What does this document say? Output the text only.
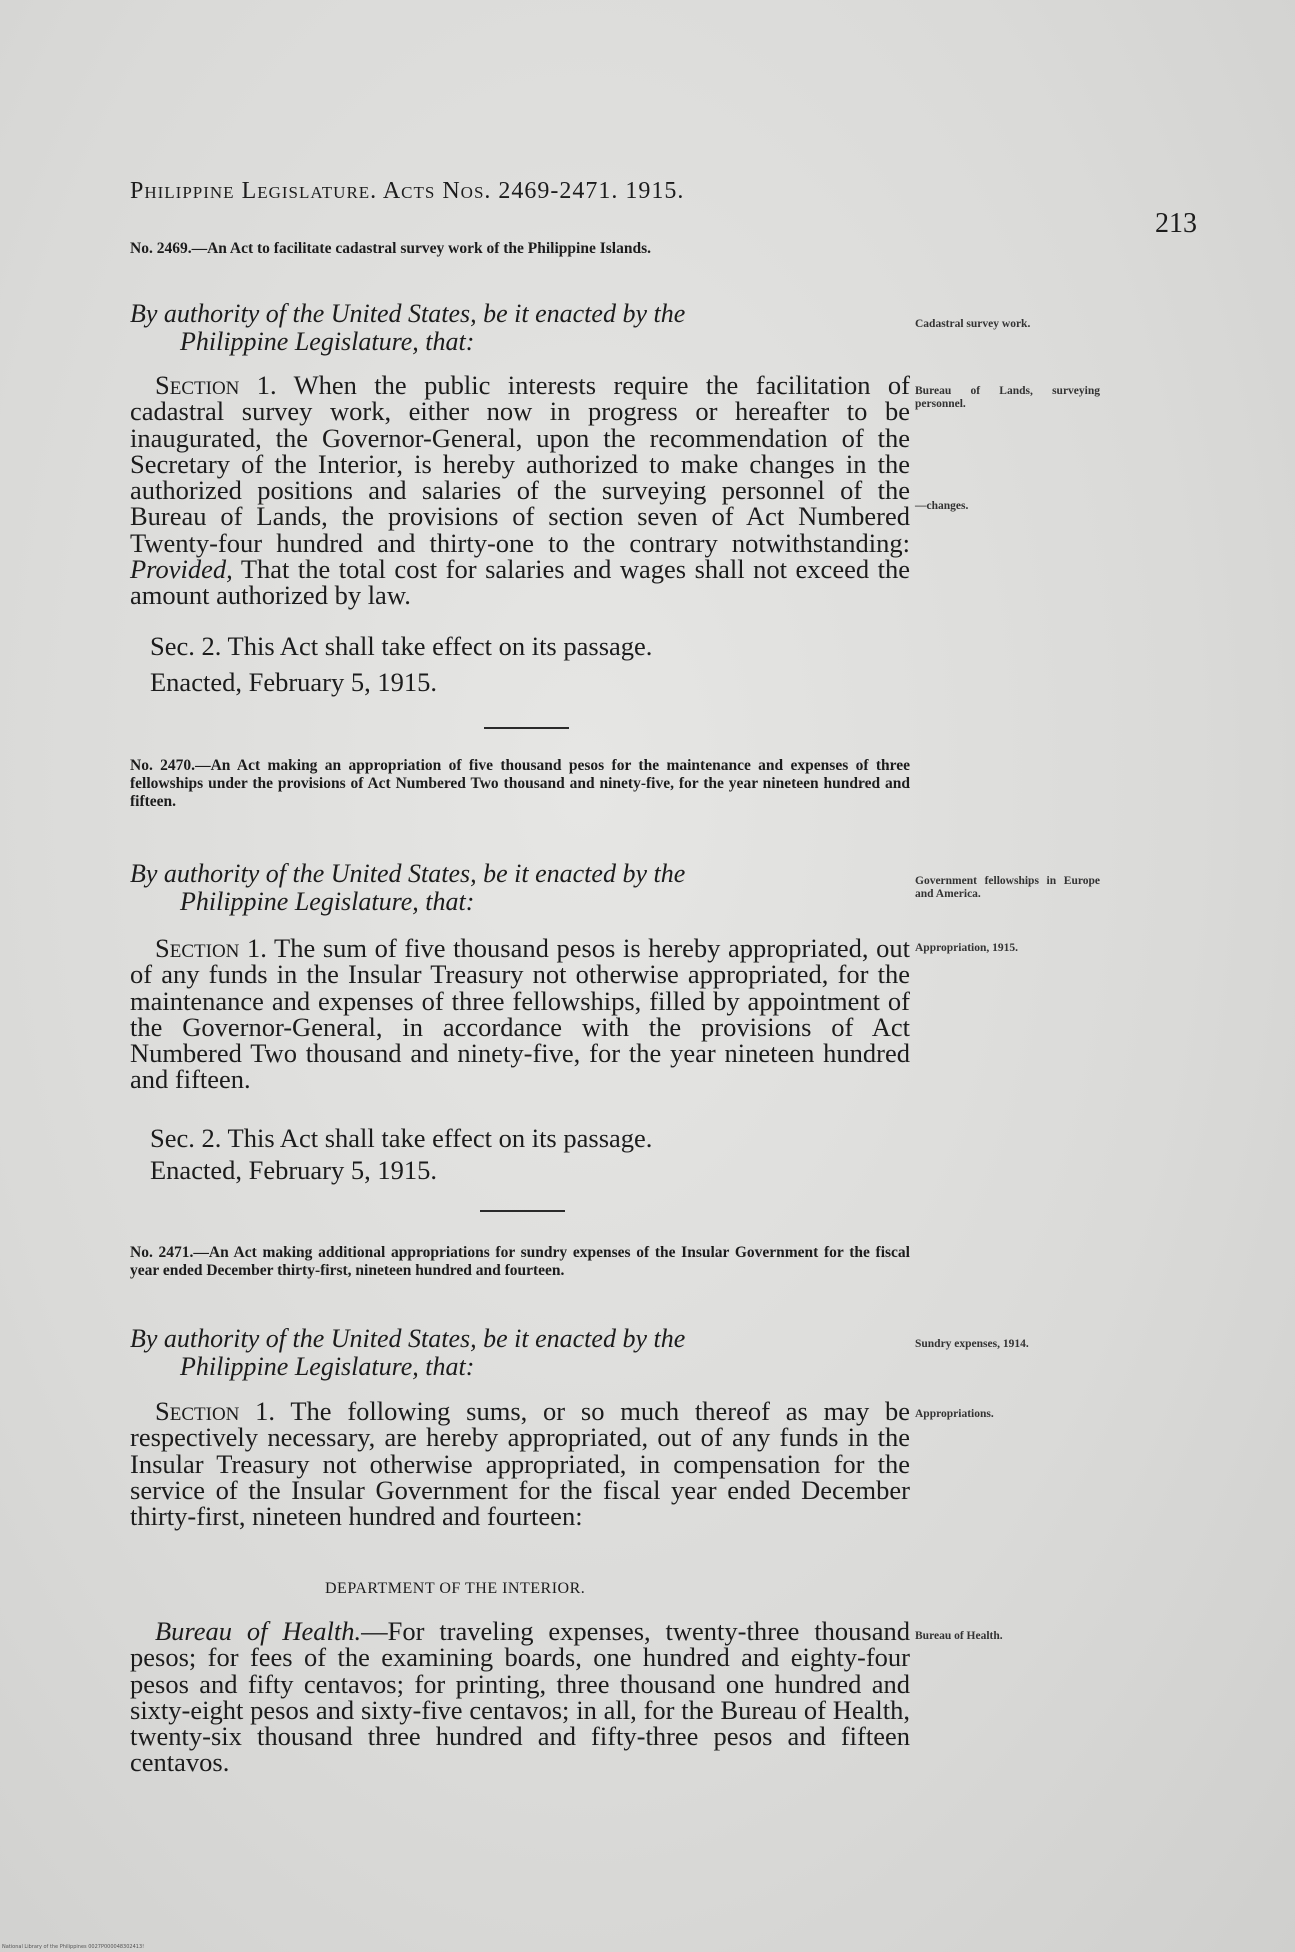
Philippine Legislature. Acts Nos. 2469-2471. 1915.
213
No. 2469.—An Act to facilitate cadastral survey work of the Philippine Islands.
By authority of the United States, be it enacted by the
Philippine Legislature, that:

Section 1. When the public interests require the facilitation of cadastral survey work, either now in progress or hereafter to be inaugurated, the Governor-General, upon the recommendation of the Secretary of the Interior, is hereby authorized to make changes in the authorized positions and salaries of the surveying personnel of the Bureau of Lands, the provisions of section seven of Act Numbered Twenty-four hundred and thirty-one to the contrary notwithstanding: Provided, That the total cost for salaries and wages shall not exceed the amount authorized by law.

Sec. 2. This Act shall take effect on its passage.
Enacted, February 5, 1915.
Cadastral survey work.
Bureau of Lands, surveying personnel.
—changes.
No. 2470.—An Act making an appropriation of five thousand pesos for the maintenance and expenses of three fellowships under the provisions of Act Numbered Two thousand and ninety-five, for the year nineteen hundred and fifteen.
By authority of the United States, be it enacted by the
Philippine Legislature, that:

Section 1. The sum of five thousand pesos is hereby appropriated, out of any funds in the Insular Treasury not otherwise appropriated, for the maintenance and expenses of three fellowships, filled by appointment of the Governor-General, in accordance with the provisions of Act Numbered Two thousand and ninety-five, for the year nineteen hundred and fifteen.

Sec. 2. This Act shall take effect on its passage.
Enacted, February 5, 1915.
Government fellowships in Europe and America.
Appropriation, 1915.
No. 2471.—An Act making additional appropriations for sundry expenses of the Insular Government for the fiscal year ended December thirty-first, nineteen hundred and fourteen.
By authority of the United States, be it enacted by the
Philippine Legislature, that:

Section 1. The following sums, or so much thereof as may be respectively necessary, are hereby appropriated, out of any funds in the Insular Treasury not otherwise appropriated, in compensation for the service of the Insular Government for the fiscal year ended December thirty-first, nineteen hundred and fourteen:

DEPARTMENT OF THE INTERIOR.

Bureau of Health.—For traveling expenses, twenty-three thousand pesos; for fees of the examining boards, one hundred and eighty-four pesos and fifty centavos; for printing, three thousand one hundred and sixty-eight pesos and sixty-five centavos; in all, for the Bureau of Health, twenty-six thousand three hundred and fifty-three pesos and fifteen centavos.

Sundry expenses, 1914.
Appropriations.
Bureau of Health.
National Library of the Philippines 0027P000048302413!
